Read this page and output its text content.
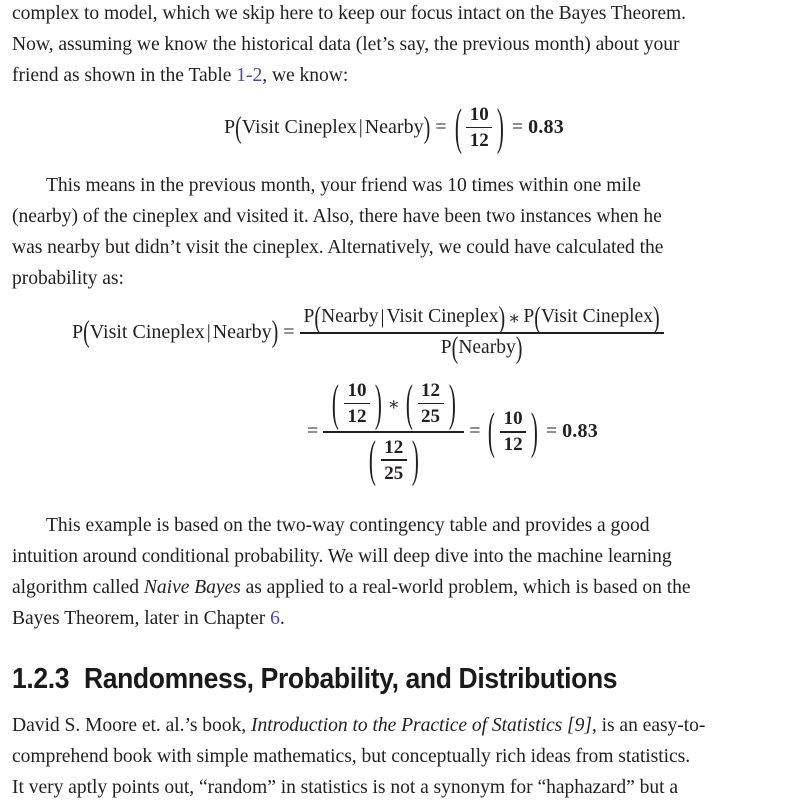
complex to model, which we skip here to keep our focus intact on the Bayes Theorem.
Now, assuming we know the historical data (let’s say, the previous month) about your
friend as shown in the Table 1-2, we know:
P ( Visit Cineplex | Nearby ) = ( $\frac{10}{12}$ ) = 0.83
This means in the previous month, your friend was 10 times within one mile
(nearby) of the cineplex and visited it. Also, there have been two instances when he
was nearby but didn’t visit the cineplex. Alternatively, we could have calculated the
probability as:
P ( Visit Cineplex | Nearby ) =
P ( Nearby | Visit Cineplex ) ∗ P ( Visit Cineplex )
P ( Nearby )
= ( $\frac{10}{12}$ ) ∗ ( $\frac{12}{25}$ )
( $\frac{12}{25}$ )
= ( $\frac{10}{12}$ ) = 0.83
This example is based on the two-way contingency table and provides a good
intuition around conditional probability. We will deep dive into the machine learning
algorithm called Naive Bayes as applied to a real-world problem, which is based on the
Bayes Theorem, later in Chapter 6.
1.2.3 Randomness, Probability, and Distributions
David S. Moore et. al.’s book, Introduction to the Practice of Statistics [9], is an easy-to-
comprehend book with simple mathematics, but conceptually rich ideas from statistics.
It very aptly points out, “random” in statistics is not a synonym for “haphazard” but a
